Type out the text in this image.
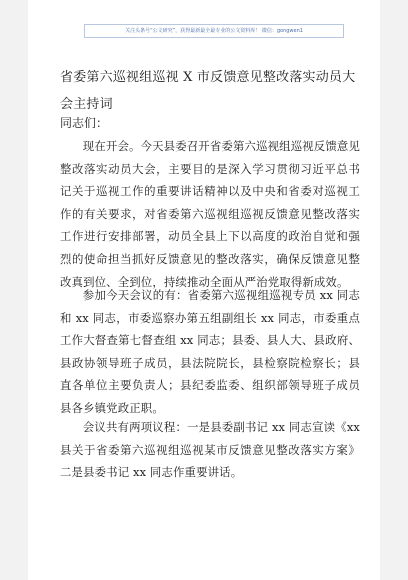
关注头条号“公文研究”，获得最新最全最专业的公文资料库！ 微信：gongwen1
省委第六巡视组巡视 X 市反馈意见整改落实动员大会主持词

同志们：

现在开会。今天县委召开省委第六巡视组巡视反馈意见整改落实动员大会，主要目的是深入学习贯彻习近平总书记关于巡视工作的重要讲话精神以及中央和省委对巡视工作的有关要求，对省委第六巡视组巡视反馈意见整改落实工作进行安排部署，动员全县上下以高度的政治自觉和强烈的使命担当抓好反馈意见的整改落实，确保反馈意见整改真到位、全到位，持续推动全面从严治党取得新成效。

参加今天会议的有：省委第六巡视组巡视专员 xx 同志和 xx 同志，市委巡察办第五组副组长 xx 同志，市委重点工作大督查第七督查组 xx 同志；县委、县人大、县政府、县政协领导班子成员，县法院院长，县检察院检察长；县直各单位主要负责人；县纪委监委、组织部领导班子成员县各乡镇党政正职。

会议共有两项议程：一是县委副书记 xx 同志宣读《xx 县关于省委第六巡视组巡视某市反馈意见整改落实方案》二是县委书记 xx 同志作重要讲话。
